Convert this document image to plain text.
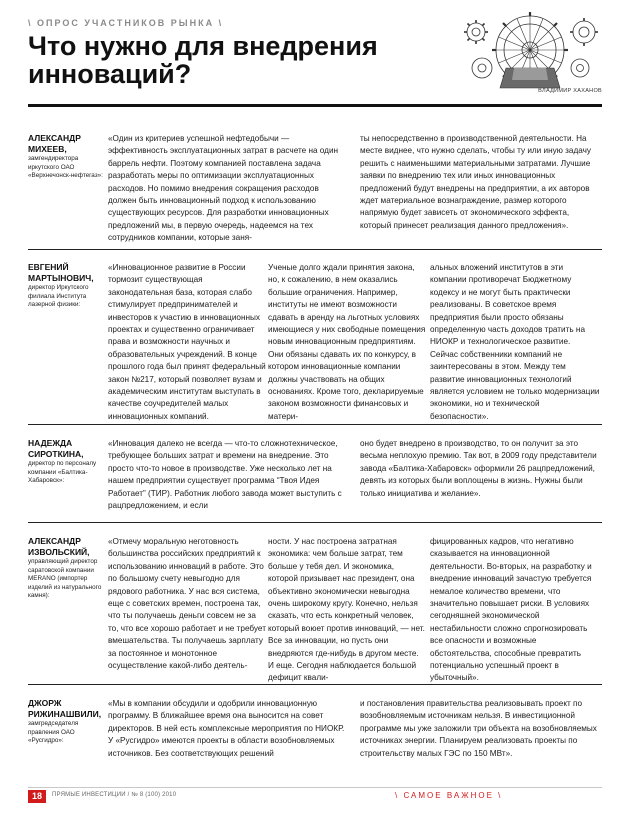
\ ОПРОС УЧАСТНИКОВ РЫНКА \
Что нужно для внедрения инноваций?
ВЛАДИМИР ХАХАНОВ
АЛЕКСАНДР МИХЕЕВ,
замгендиректора иркутского ОАО «Верхнечонск-нефтегаз»:
«Один из критериев успешной нефтедобычи — эффективность эксплуатационных затрат в расчете на один баррель нефти. Поэтому компанией поставлена задача разработать меры по оптимизации эксплуатационных расходов. Но помимо внедрения сокращения расходов должен быть инновационный подход к использованию существующих ресурсов. Для разработки инновационных предложений мы, в первую очередь, надеемся на тех сотрудников компании, которые заня-
ты непосредственно в производственной деятельности. На месте виднее, что нужно сделать, чтобы ту или иную задачу решить с наименьшими материальными затратами. Лучшие заявки по внедрению тех или иных инновационных предложений будут внедрены на предприятии, а их авторов ждет материальное вознаграждение, размер которого напрямую будет зависеть от экономического эффекта, который принесет реализация данного предложения».
ЕВГЕНИЙ МАРТЫНОВИЧ,
директор Иркутского филиала Института лазерной физики:
«Инновационное развитие в России тормозит существующая законодательная база, которая слабо стимулирует предпринимателей и инвесторов к участию в инновационных проектах и существенно ограничивает права и возможности научных и образовательных учреждений. В конце прошлого года был принят федеральный закон №217, который позволяет вузам и академическим институтам выступать в качестве соучредителей малых инновационных компаний.
Ученые долго ждали принятия закона, но, к сожалению, в нем оказались большие ограничения. Например, институты не имеют возможности сдавать в аренду на льготных условиях имеющиеся у них свободные помещения новым инновационным предприятиям. Они обязаны сдавать их по конкурсу, в котором инновационные компании должны участвовать на общих основаниях. Кроме того, декларируемые законом возможности финансовых и матери-
альных вложений институтов в эти компании противоречат Бюджетному кодексу и не могут быть практически реализованы. В советское время предприятия были просто обязаны определенную часть доходов тратить на НИОКР и технологическое развитие. Сейчас собственники компаний не заинтересованы в этом. Между тем развитие инновационных технологий является условием не только модернизации экономики, но и технической безопасности».
НАДЕЖДА СИРОТКИНА,
директор по персоналу компании «Балтика-Хабаровск»:
«Инновация далеко не всегда — что-то сложнотехническое, требующее больших затрат и времени на внедрение. Это просто что-то новое в производстве. Уже несколько лет на нашем предприятии существует программа “Твоя Идея Работает” (ТИР). Работник любого завода может выступить с рацпредложением, и если
оно будет внедрено в производство, то он получит за это весьма неплохую премию. Так вот, в 2009 году представители завода «Балтика-Хабаровск» оформили 26 рацпредложений, девять из которых были воплощены в жизнь. Нужны были только инициатива и желание».
АЛЕКСАНДР ИЗВОЛЬСКИЙ,
управляющий директор саратовской компании MERANO (импортер изделий из натурального камня):
«Отмечу моральную неготовность большинства российских предприятий к использованию инноваций в работе. Это по большому счету невыгодно для рядового работника. У нас вся система, еще с советских времен, построена так, что ты получаешь деньги совсем не за то, что все хорошо работает и не требует вмешательства. Ты получаешь зарплату за постоянное и монотонное осуществление какой-либо деятель-
ности. У нас построена затратная экономика: чем больше затрат, тем больше у тебя дел. И экономика, которой призывает нас президент, она объективно экономически невыгодна очень широкому кругу. Конечно, нельзя сказать, что есть конкретный человек, который воюет против инноваций, — нет. Все за инновации, но пусть они внедряются где-нибудь в другом месте. И еще. Сегодня наблюдается большой дефицит квали-
фицированных кадров, что негативно сказывается на инновационной деятельности. Во-вторых, на разработку и внедрение инноваций зачастую требуется немалое количество времени, что значительно повышает риски. В условиях сегодняшней экономической нестабильности сложно спрогнозировать все опасности и возможные обстоятельства, способные превратить потенциально успешный проект в убыточный».
ДЖОРЖ РИЖИНАШВИЛИ,
замгредседателя правления ОАО «Русгидро»:
«Мы в компании обсудили и одобрили инновационную программу. В ближайшее время она выносится на совет директоров. В ней есть комплексные мероприятия по НИОКР. У «Русгидро» имеются проекты в области возобновляемых источников. Без соответствующих решений
и постановления правительства реализовывать проект по возобновляемым источникам нельзя. В инвестиционной программе мы уже заложили три объекта на возобновляемых источниках энергии. Планируем реализовать проекты по строительству малых ГЭС по 150 МВт».
18	ПРЯМЫЕ ИНВЕСТИЦИИ / № 8 (100) 2010	\ САМОЕ ВАЖНОЕ \
